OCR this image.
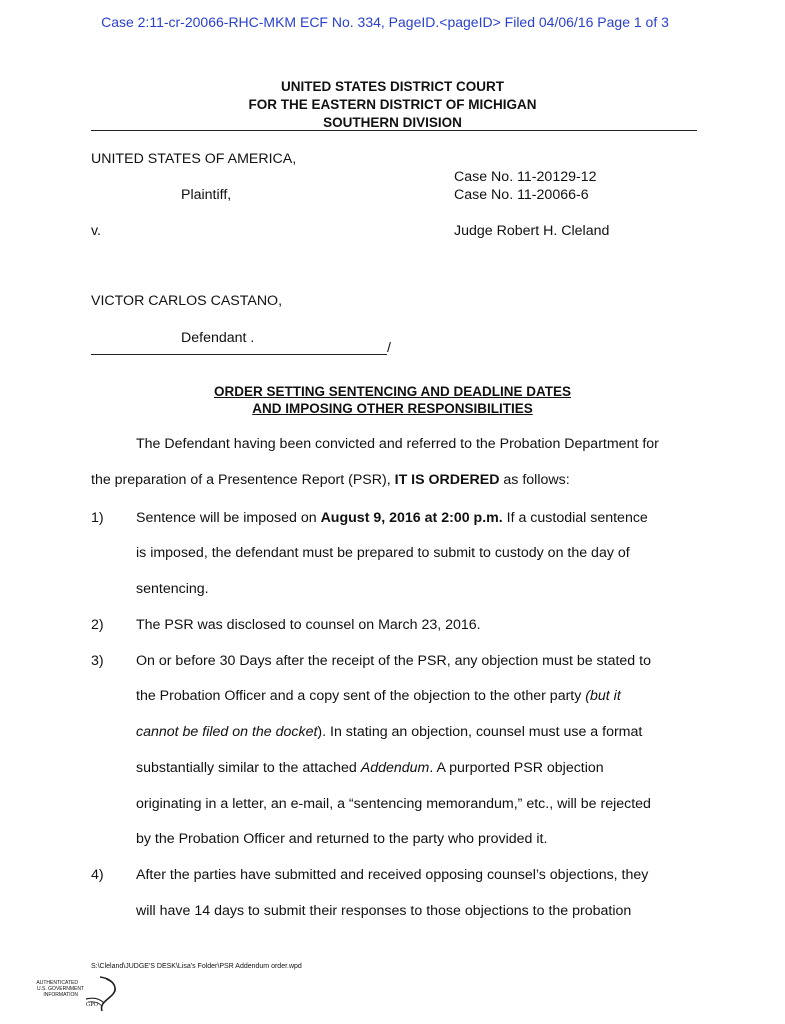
Case 2:11-cr-20066-RHC-MKM ECF No. 334, PageID.<pageID> Filed 04/06/16 Page 1 of 3
UNITED STATES DISTRICT COURT
FOR THE EASTERN DISTRICT OF MICHIGAN
SOUTHERN DIVISION
UNITED STATES OF AMERICA,
Plaintiff,
Case No. 11-20129-12
Case No. 11-20066-6
v.	Judge Robert H. Cleland
VICTOR CARLOS CASTANO,
Defendant .
/
ORDER SETTING SENTENCING AND DEADLINE DATES
AND IMPOSING OTHER RESPONSIBILITIES
The Defendant having been convicted and referred to the Probation Department for
the preparation of a Presentence Report (PSR), IT IS ORDERED as follows:
1) Sentence will be imposed on August 9, 2016 at 2:00 p.m. If a custodial sentence
is imposed, the defendant must be prepared to submit to custody on the day of
sentencing.
2) The PSR was disclosed to counsel on March 23, 2016.
3) On or before 30 Days after the receipt of the PSR, any objection must be stated to
the Probation Officer and a copy sent of the objection to the other party (but it
cannot be filed on the docket). In stating an objection, counsel must use a format
substantially similar to the attached Addendum. A purported PSR objection
originating in a letter, an e-mail, a “sentencing memorandum,” etc., will be rejected
by the Probation Officer and returned to the party who provided it.
4) After the parties have submitted and received opposing counsel’s objections, they
will have 14 days to submit their responses to those objections to the probation
S:\Cleland\JUDGE'S DESK\Lisa's Folder\PSR Addendum order.wpd
AUTHENTICATED
U.S. GOVERNMENT
INFORMATION
GPO
